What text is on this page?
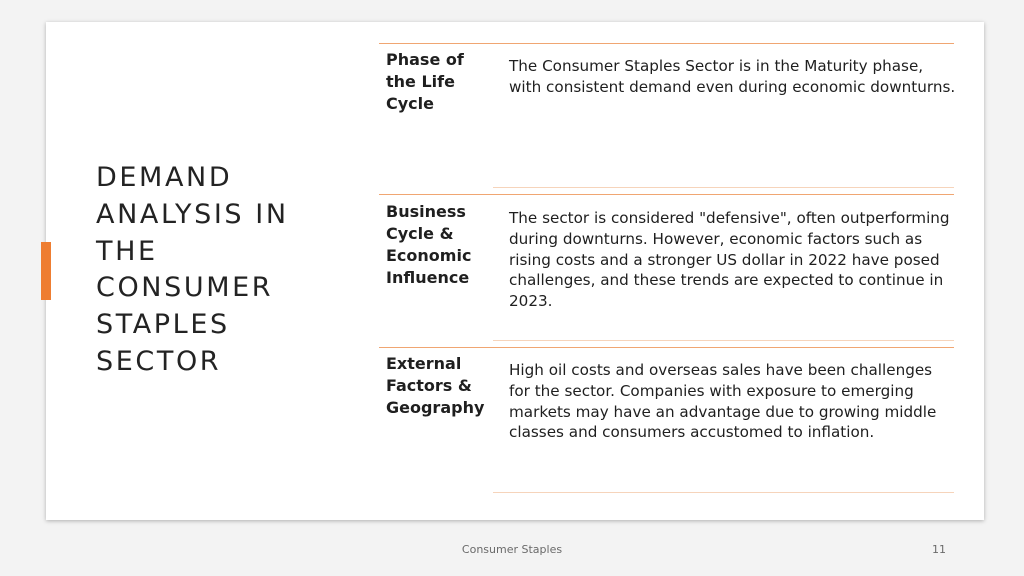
DEMAND ANALYSIS IN THE CONSUMER STAPLES SECTOR

Phase of the Life Cycle

The Consumer Staples Sector is in the Maturity phase, with consistent demand even during economic downturns.

Business Cycle & Economic Influence

The sector is considered "defensive", often outperforming during downturns. However, economic factors such as rising costs and a stronger US dollar in 2022 have posed challenges, and these trends are expected to continue in 2023.

External Factors & Geography

High oil costs and overseas sales have been challenges for the sector. Companies with exposure to emerging markets may have an advantage due to growing middle classes and consumers accustomed to inflation.

Consumer Staples	11
